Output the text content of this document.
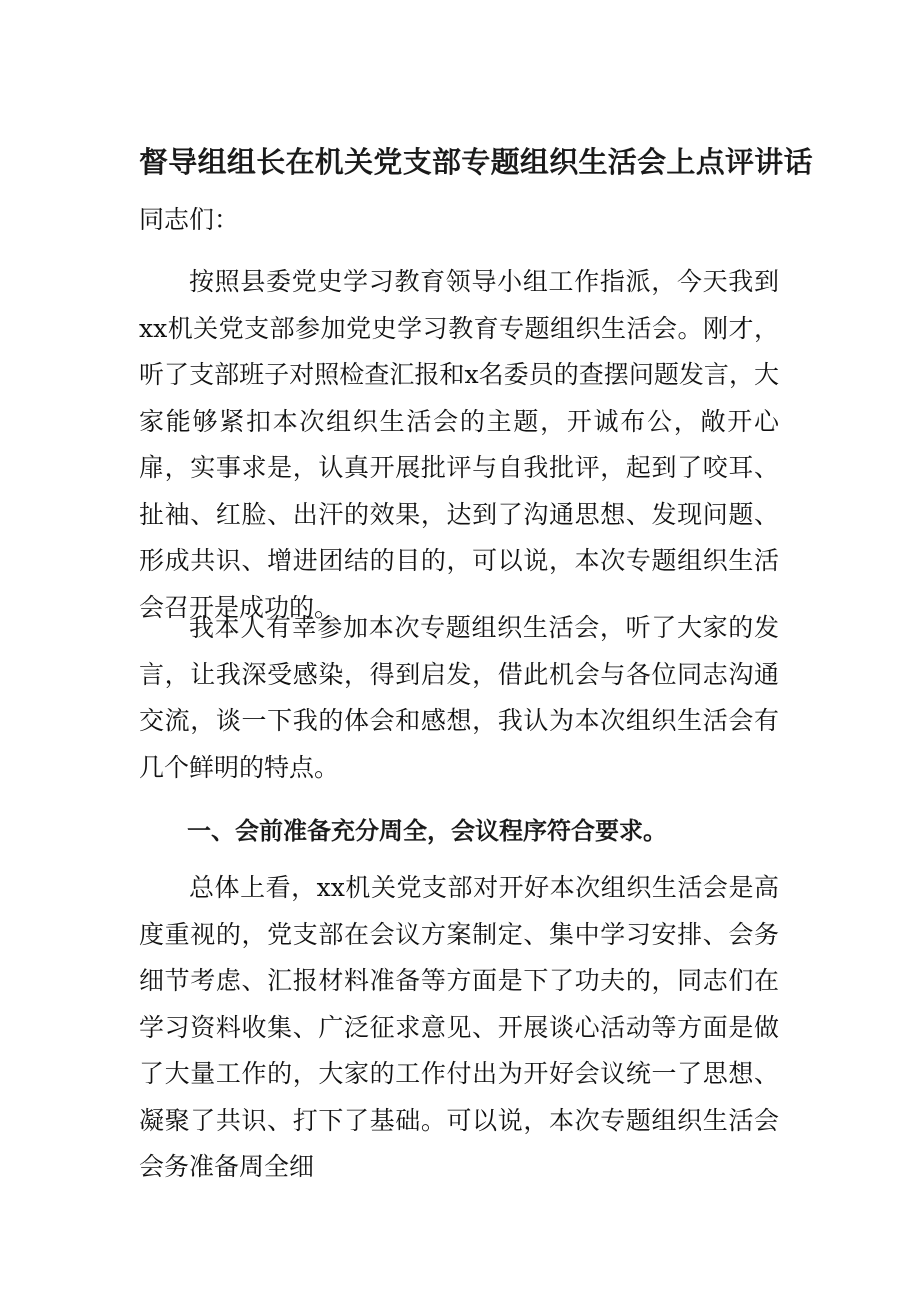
督导组组长在机关党支部专题组织生活会上点评讲话
同志们：

按照县委党史学习教育领导小组工作指派，今天我到xx机关党支部参加党史学习教育专题组织生活会。刚才，听了支部班子对照检查汇报和x名委员的查摆问题发言，大家能够紧扣本次组织生活会的主题，开诚布公，敞开心扉，实事求是，认真开展批评与自我批评，起到了咬耳、扯袖、红脸、出汗的效果，达到了沟通思想、发现问题、形成共识、增进团结的目的，可以说，本次专题组织生活会召开是成功的。

我本人有幸参加本次专题组织生活会，听了大家的发言，让我深受感染，得到启发，借此机会与各位同志沟通交流，谈一下我的体会和感想，我认为本次组织生活会有几个鲜明的特点。

一、会前准备充分周全，会议程序符合要求。

总体上看，xx机关党支部对开好本次组织生活会是高度重视的，党支部在会议方案制定、集中学习安排、会务细节考虑、汇报材料准备等方面是下了功夫的，同志们在学习资料收集、广泛征求意见、开展谈心活动等方面是做了大量工作的，大家的工作付出为开好会议统一了思想、凝聚了共识、打下了基础。可以说，本次专题组织生活会会务准备周全细
